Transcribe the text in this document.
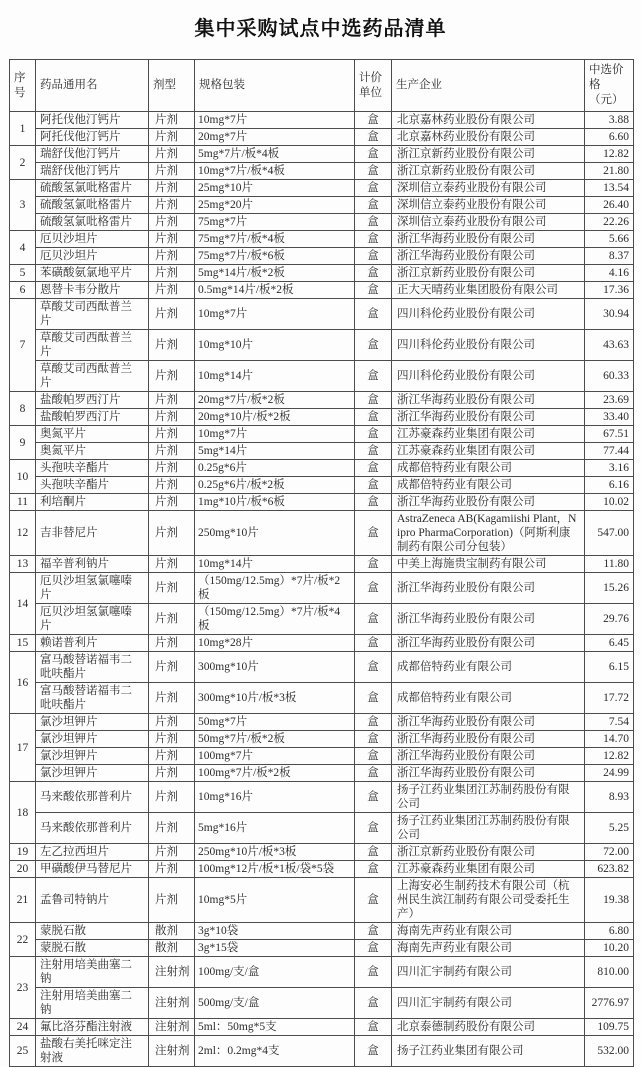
集中采购试点中选药品清单
序号	药品通用名	剂型	规格包装	计价单位	生产企业	中选价格（元）
1	阿托伐他汀钙片	片剂	10mg*7片	盒	北京嘉林药业股份有限公司	3.88
	阿托伐他汀钙片	片剂	20mg*7片	盒	北京嘉林药业股份有限公司	6.60
2	瑞舒伐他汀钙片	片剂	5mg*7片/板*4板	盒	浙江京新药业股份有限公司	12.82
	瑞舒伐他汀钙片	片剂	10mg*7片/板*4板	盒	浙江京新药业股份有限公司	21.80
3	硫酸氢氯吡格雷片	片剂	25mg*10片	盒	深圳信立泰药业股份有限公司	13.54
	硫酸氢氯吡格雷片	片剂	25mg*20片	盒	深圳信立泰药业股份有限公司	26.40
	硫酸氢氯吡格雷片	片剂	75mg*7片	盒	深圳信立泰药业股份有限公司	22.26
4	厄贝沙坦片	片剂	75mg*7片/板*4板	盒	浙江华海药业股份有限公司	5.66
	厄贝沙坦片	片剂	75mg*7片/板*6板	盒	浙江华海药业股份有限公司	8.37
5	苯磺酸氨氯地平片	片剂	5mg*14片/板*2板	盒	浙江京新药业股份有限公司	4.16
6	恩替卡韦分散片	片剂	0.5mg*14片/板*2板	盒	正大天晴药业集团股份有限公司	17.36
7	草酸艾司西酞普兰片	片剂	10mg*7片	盒	四川科伦药业股份有限公司	30.94
	草酸艾司西酞普兰片	片剂	10mg*10片	盒	四川科伦药业股份有限公司	43.63
	草酸艾司西酞普兰片	片剂	10mg*14片	盒	四川科伦药业股份有限公司	60.33
8	盐酸帕罗西汀片	片剂	20mg*7片/板*2板	盒	浙江华海药业股份有限公司	23.69
	盐酸帕罗西汀片	片剂	20mg*10片/板*2板	盒	浙江华海药业股份有限公司	33.40
9	奥氮平片	片剂	10mg*7片	盒	江苏豪森药业集团有限公司	67.51
	奥氮平片	片剂	5mg*14片	盒	江苏豪森药业集团有限公司	77.44
10	头孢呋辛酯片	片剂	0.25g*6片	盒	成都倍特药业有限公司	3.16
	头孢呋辛酯片	片剂	0.25g*6片/板*2板	盒	成都倍特药业有限公司	6.16
11	利培酮片	片剂	1mg*10片/板*6板	盒	浙江华海药业股份有限公司	10.02
12	吉非替尼片	片剂	250mg*10片	盒	AstraZeneca AB(Kagamiishi Plant，Nipro PharmaCorporation)（阿斯利康制药有限公司分包装）	547.00
13	福辛普利钠片	片剂	10mg*14片	盒	中美上海施贵宝制药有限公司	11.80
14	厄贝沙坦氢氯噻嗪片	片剂	（150mg/12.5mg）*7片/板*2板	盒	浙江华海药业股份有限公司	15.26
	厄贝沙坦氢氯噻嗪片	片剂	（150mg/12.5mg）*7片/板*4板	盒	浙江华海药业股份有限公司	29.76
15	赖诺普利片	片剂	10mg*28片	盒	浙江华海药业股份有限公司	6.45
16	富马酸替诺福韦二吡呋酯片	片剂	300mg*10片	盒	成都倍特药业有限公司	6.15
	富马酸替诺福韦二吡呋酯片	片剂	300mg*10片/板*3板	盒	成都倍特药业有限公司	17.72
17	氯沙坦钾片	片剂	50mg*7片	盒	浙江华海药业股份有限公司	7.54
	氯沙坦钾片	片剂	50mg*7片/板*2板	盒	浙江华海药业股份有限公司	14.70
	氯沙坦钾片	片剂	100mg*7片	盒	浙江华海药业股份有限公司	12.82
	氯沙坦钾片	片剂	100mg*7片/板*2板	盒	浙江华海药业股份有限公司	24.99
18	马来酸依那普利片	片剂	10mg*16片	盒	扬子江药业集团江苏制药股份有限公司	8.93
	马来酸依那普利片	片剂	5mg*16片	盒	扬子江药业集团江苏制药股份有限公司	5.25
19	左乙拉西坦片	片剂	250mg*10片/板*3板	盒	浙江京新药业股份有限公司	72.00
20	甲磺酸伊马替尼片	片剂	100mg*12片/板*1板/袋*5袋	盒	江苏豪森药业集团有限公司	623.82
21	孟鲁司特钠片	片剂	10mg*5片	盒	上海安必生制药技术有限公司（杭州民生滨江制药有限公司受委托生产）	19.38
22	蒙脱石散	散剂	3g*10袋	盒	海南先声药业有限公司	6.80
	蒙脱石散	散剂	3g*15袋	盒	海南先声药业有限公司	10.20
23	注射用培美曲塞二钠	注射剂	100mg/支/盒	盒	四川汇宇制药有限公司	810.00
	注射用培美曲塞二钠	注射剂	500mg/支/盒	盒	四川汇宇制药有限公司	2776.97
24	氟比洛芬酯注射液	注射剂	5ml：50mg*5支	盒	北京泰德制药股份有限公司	109.75
25	盐酸右美托咪定注射液	注射剂	2ml：0.2mg*4支	盒	扬子江药业集团有限公司	532.00
